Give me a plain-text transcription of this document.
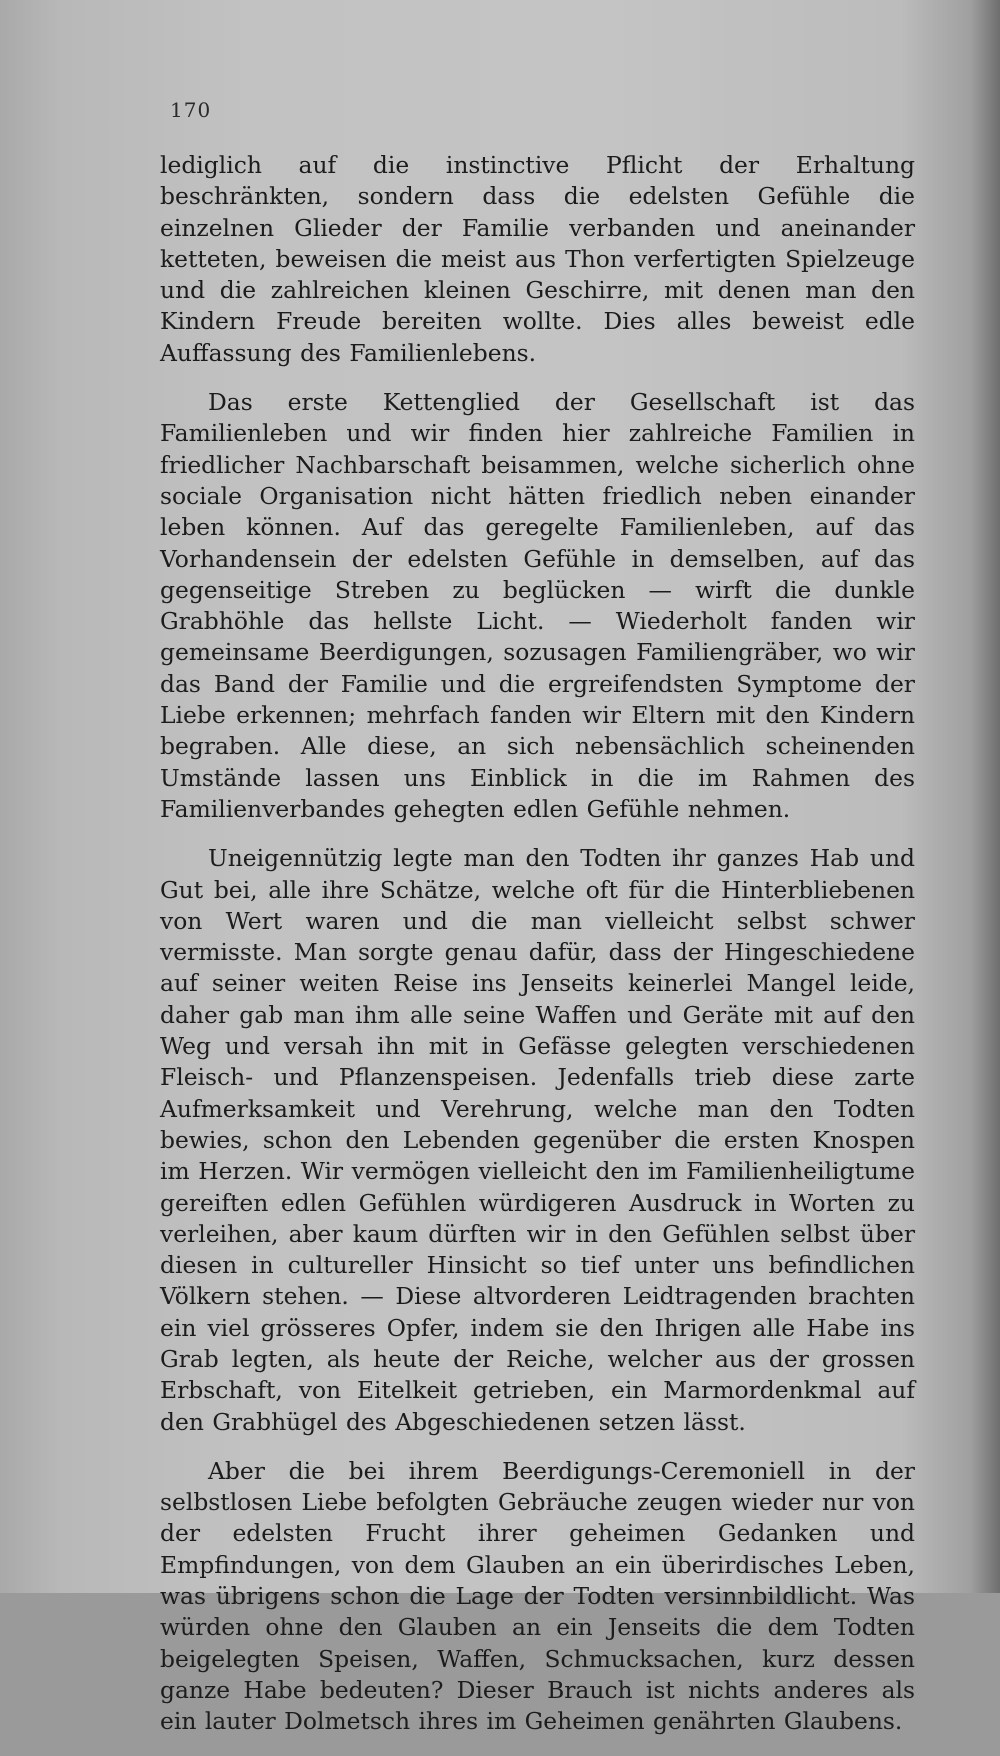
170

lediglich auf die instinctive Pflicht der Erhaltung beschränkten, sondern dass die edelsten Gefühle die einzelnen Glieder der Familie verbanden und aneinander ketteten, beweisen die meist aus Thon verfertigten Spielzeuge und die zahlreichen kleinen Geschirre, mit denen man den Kindern Freude bereiten wollte. Dies alles beweist edle Auffassung des Familienlebens.

Das erste Kettenglied der Gesellschaft ist das Familienleben und wir finden hier zahlreiche Familien in friedlicher Nachbarschaft beisammen, welche sicherlich ohne sociale Organisation nicht hätten friedlich neben einander leben können. Auf das geregelte Familienleben, auf das Vorhandensein der edelsten Gefühle in demselben, auf das gegenseitige Streben zu beglücken — wirft die dunkle Grabhöhle das hellste Licht. — Wiederholt fanden wir gemeinsame Beerdigungen, sozusagen Familiengräber, wo wir das Band der Familie und die ergreifendsten Symptome der Liebe erkennen; mehrfach fanden wir Eltern mit den Kindern begraben. Alle diese, an sich nebensächlich scheinenden Umstände lassen uns Einblick in die im Rahmen des Familienverbandes gehegten edlen Gefühle nehmen.

Uneigennützig legte man den Todten ihr ganzes Hab und Gut bei, alle ihre Schätze, welche oft für die Hinterbliebenen von Wert waren und die man vielleicht selbst schwer vermisste. Man sorgte genau dafür, dass der Hingeschiedene auf seiner weiten Reise ins Jenseits keinerlei Mangel leide, daher gab man ihm alle seine Waffen und Geräte mit auf den Weg und versah ihn mit in Gefässe gelegten verschiedenen Fleisch- und Pflanzenspeisen. Jedenfalls trieb diese zarte Aufmerksamkeit und Verehrung, welche man den Todten bewies, schon den Lebenden gegenüber die ersten Knospen im Herzen. Wir vermögen vielleicht den im Familienheiligtume gereiften edlen Gefühlen würdigeren Ausdruck in Worten zu verleihen, aber kaum dürften wir in den Gefühlen selbst über diesen in cultureller Hinsicht so tief unter uns befindlichen Völkern stehen. — Diese altvorderen Leidtragenden brachten ein viel grösseres Opfer, indem sie den Ihrigen alle Habe ins Grab legten, als heute der Reiche, welcher aus der grossen Erbschaft, von Eitelkeit getrieben, ein Marmordenkmal auf den Grabhügel des Abgeschiedenen setzen lässt.

Aber die bei ihrem Beerdigungs-Ceremoniell in der selbstlosen Liebe befolgten Gebräuche zeugen wieder nur von der edelsten Frucht ihrer geheimen Gedanken und Empfindungen, von dem Glauben an ein überirdisches Leben, was übrigens schon die Lage der Todten versinnbildlicht. Was würden ohne den Glauben an ein Jenseits die dem Todten beigelegten Speisen, Waffen, Schmucksachen, kurz dessen ganze Habe bedeuten? Dieser Brauch ist nichts anderes als ein lauter Dolmetsch ihres im Geheimen genährten Glaubens.
